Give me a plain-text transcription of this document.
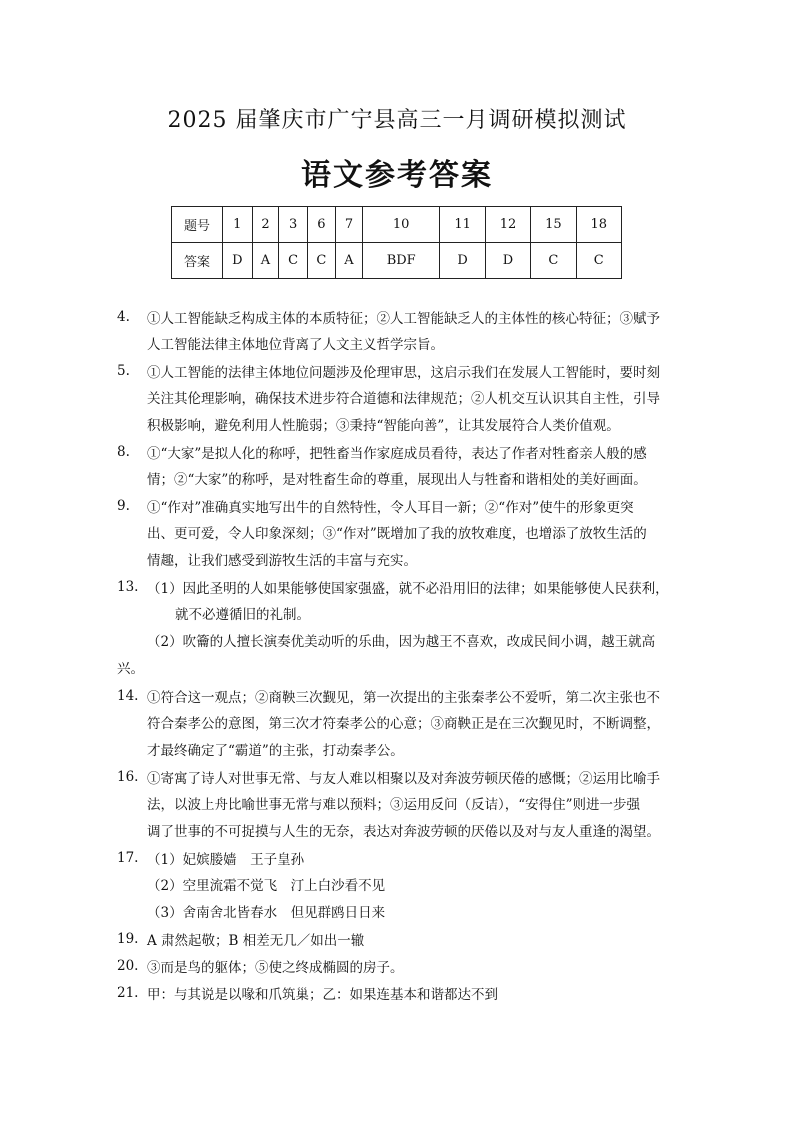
2025 届肇庆市广宁县高三一月调研模拟测试
语文参考答案
题号	1	2	3	6	7	10	11	12	15	18
答案	D	A	C	C	A	BDF	D	D	C	C
4. ①人工智能缺乏构成主体的本质特征；②人工智能缺乏人的主体性的核心特征；③赋予
人工智能法律主体地位背离了人文主义哲学宗旨。
5. ①人工智能的法律主体地位问题涉及伦理审思，这启示我们在发展人工智能时，要时刻
关注其伦理影响，确保技术进步符合道德和法律规范；②人机交互认识其自主性，引导
积极影响，避免利用人性脆弱；③秉持“智能向善”，让其发展符合人类价值观。
8. ①“大家”是拟人化的称呼，把牲畜当作家庭成员看待，表达了作者对牲畜亲人般的感
情；②“大家”的称呼，是对牲畜生命的尊重，展现出人与牲畜和谐相处的美好画面。
9. ①“作对”准确真实地写出牛的自然特性，令人耳目一新；②“作对”使牛的形象更突
出、更可爱，令人印象深刻；③“作对”既增加了我的放牧难度，也增添了放牧生活的
情趣，让我们感受到游牧生活的丰富与充实。
13. （1）因此圣明的人如果能够使国家强盛，就不必沿用旧的法律；如果能够使人民获利，
就不必遵循旧的礼制。
（2）吹籥的人擅长演奏优美动听的乐曲，因为越王不喜欢，改成民间小调，越王就高
兴。
14. ①符合这一观点；②商鞅三次觐见，第一次提出的主张秦孝公不爱听，第二次主张也不
符合秦孝公的意图，第三次才符秦孝公的心意；③商鞅正是在三次觐见时，不断调整，
才最终确定了“霸道”的主张，打动秦孝公。
16. ①寄寓了诗人对世事无常、与友人难以相聚以及对奔波劳顿厌倦的感慨；②运用比喻手
法，以波上舟比喻世事无常与难以预料；③运用反问（反诘），“安得住”则进一步强
调了世事的不可捉摸与人生的无奈，表达对奔波劳顿的厌倦以及对与友人重逢的渴望。
17. （1）妃嫔媵嫱　王子皇孙
（2）空里流霜不觉飞　汀上白沙看不见
（3）舍南舍北皆春水　但见群鸥日日来
19. A 肃然起敬；B 相差无几／如出一辙
20. ③而是鸟的躯体；⑤使之终成椭圆的房子。
21. 甲：与其说是以喙和爪筑巢；乙：如果连基本和谐都达不到
